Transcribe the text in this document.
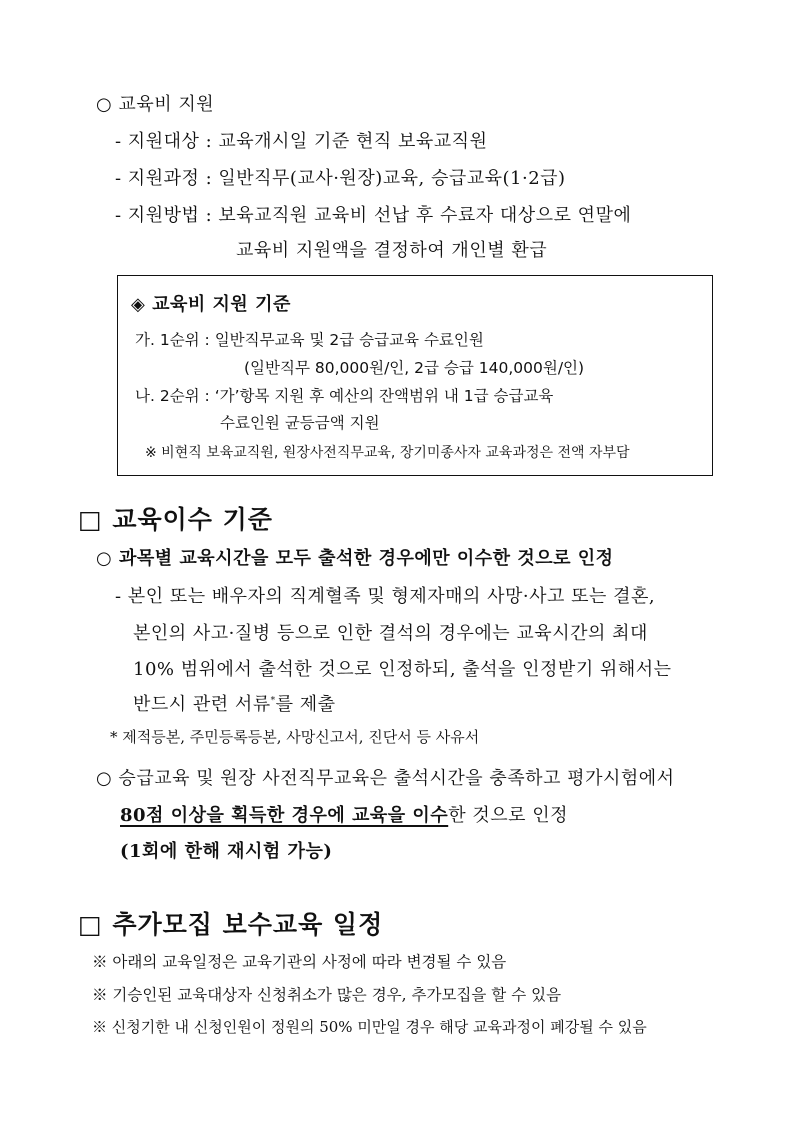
○ 교육비 지원
- 지원대상 : 교육개시일 기준 현직 보육교직원
- 지원과정 : 일반직무(교사·원장)교육, 승급교육(1·2급)
- 지원방법 : 보육교직원 교육비 선납 후 수료자 대상으로 연말에
교육비 지원액을 결정하여 개인별 환급
◈ 교육비 지원 기준
가. 1순위 : 일반직무교육 및 2급 승급교육 수료인원
(일반직무 80,000원/인, 2급 승급 140,000원/인)
나. 2순위 : ‘가’항목 지원 후 예산의 잔액범위 내 1급 승급교육
수료인원 균등금액 지원
※ 비현직 보육교직원, 원장사전직무교육, 장기미종사자 교육과정은 전액 자부담
□ 교육이수 기준
○ 과목별 교육시간을 모두 출석한 경우에만 이수한 것으로 인정
- 본인 또는 배우자의 직계혈족 및 형제자매의 사망·사고 또는 결혼,
본인의 사고·질병 등으로 인한 결석의 경우에는 교육시간의 최대
10% 범위에서 출석한 것으로 인정하되, 출석을 인정받기 위해서는
반드시 관련 서류*를 제출
* 제적등본, 주민등록등본, 사망신고서, 진단서 등 사유서
○ 승급교육 및 원장 사전직무교육은 출석시간을 충족하고 평가시험에서
80점 이상을 획득한 경우에 교육을 이수한 것으로 인정
(1회에 한해 재시험 가능)
□ 추가모집 보수교육 일정
※ 아래의 교육일정은 교육기관의 사정에 따라 변경될 수 있음
※ 기승인된 교육대상자 신청취소가 많은 경우, 추가모집을 할 수 있음
※ 신청기한 내 신청인원이 정원의 50% 미만일 경우 해당 교육과정이 폐강될 수 있음
